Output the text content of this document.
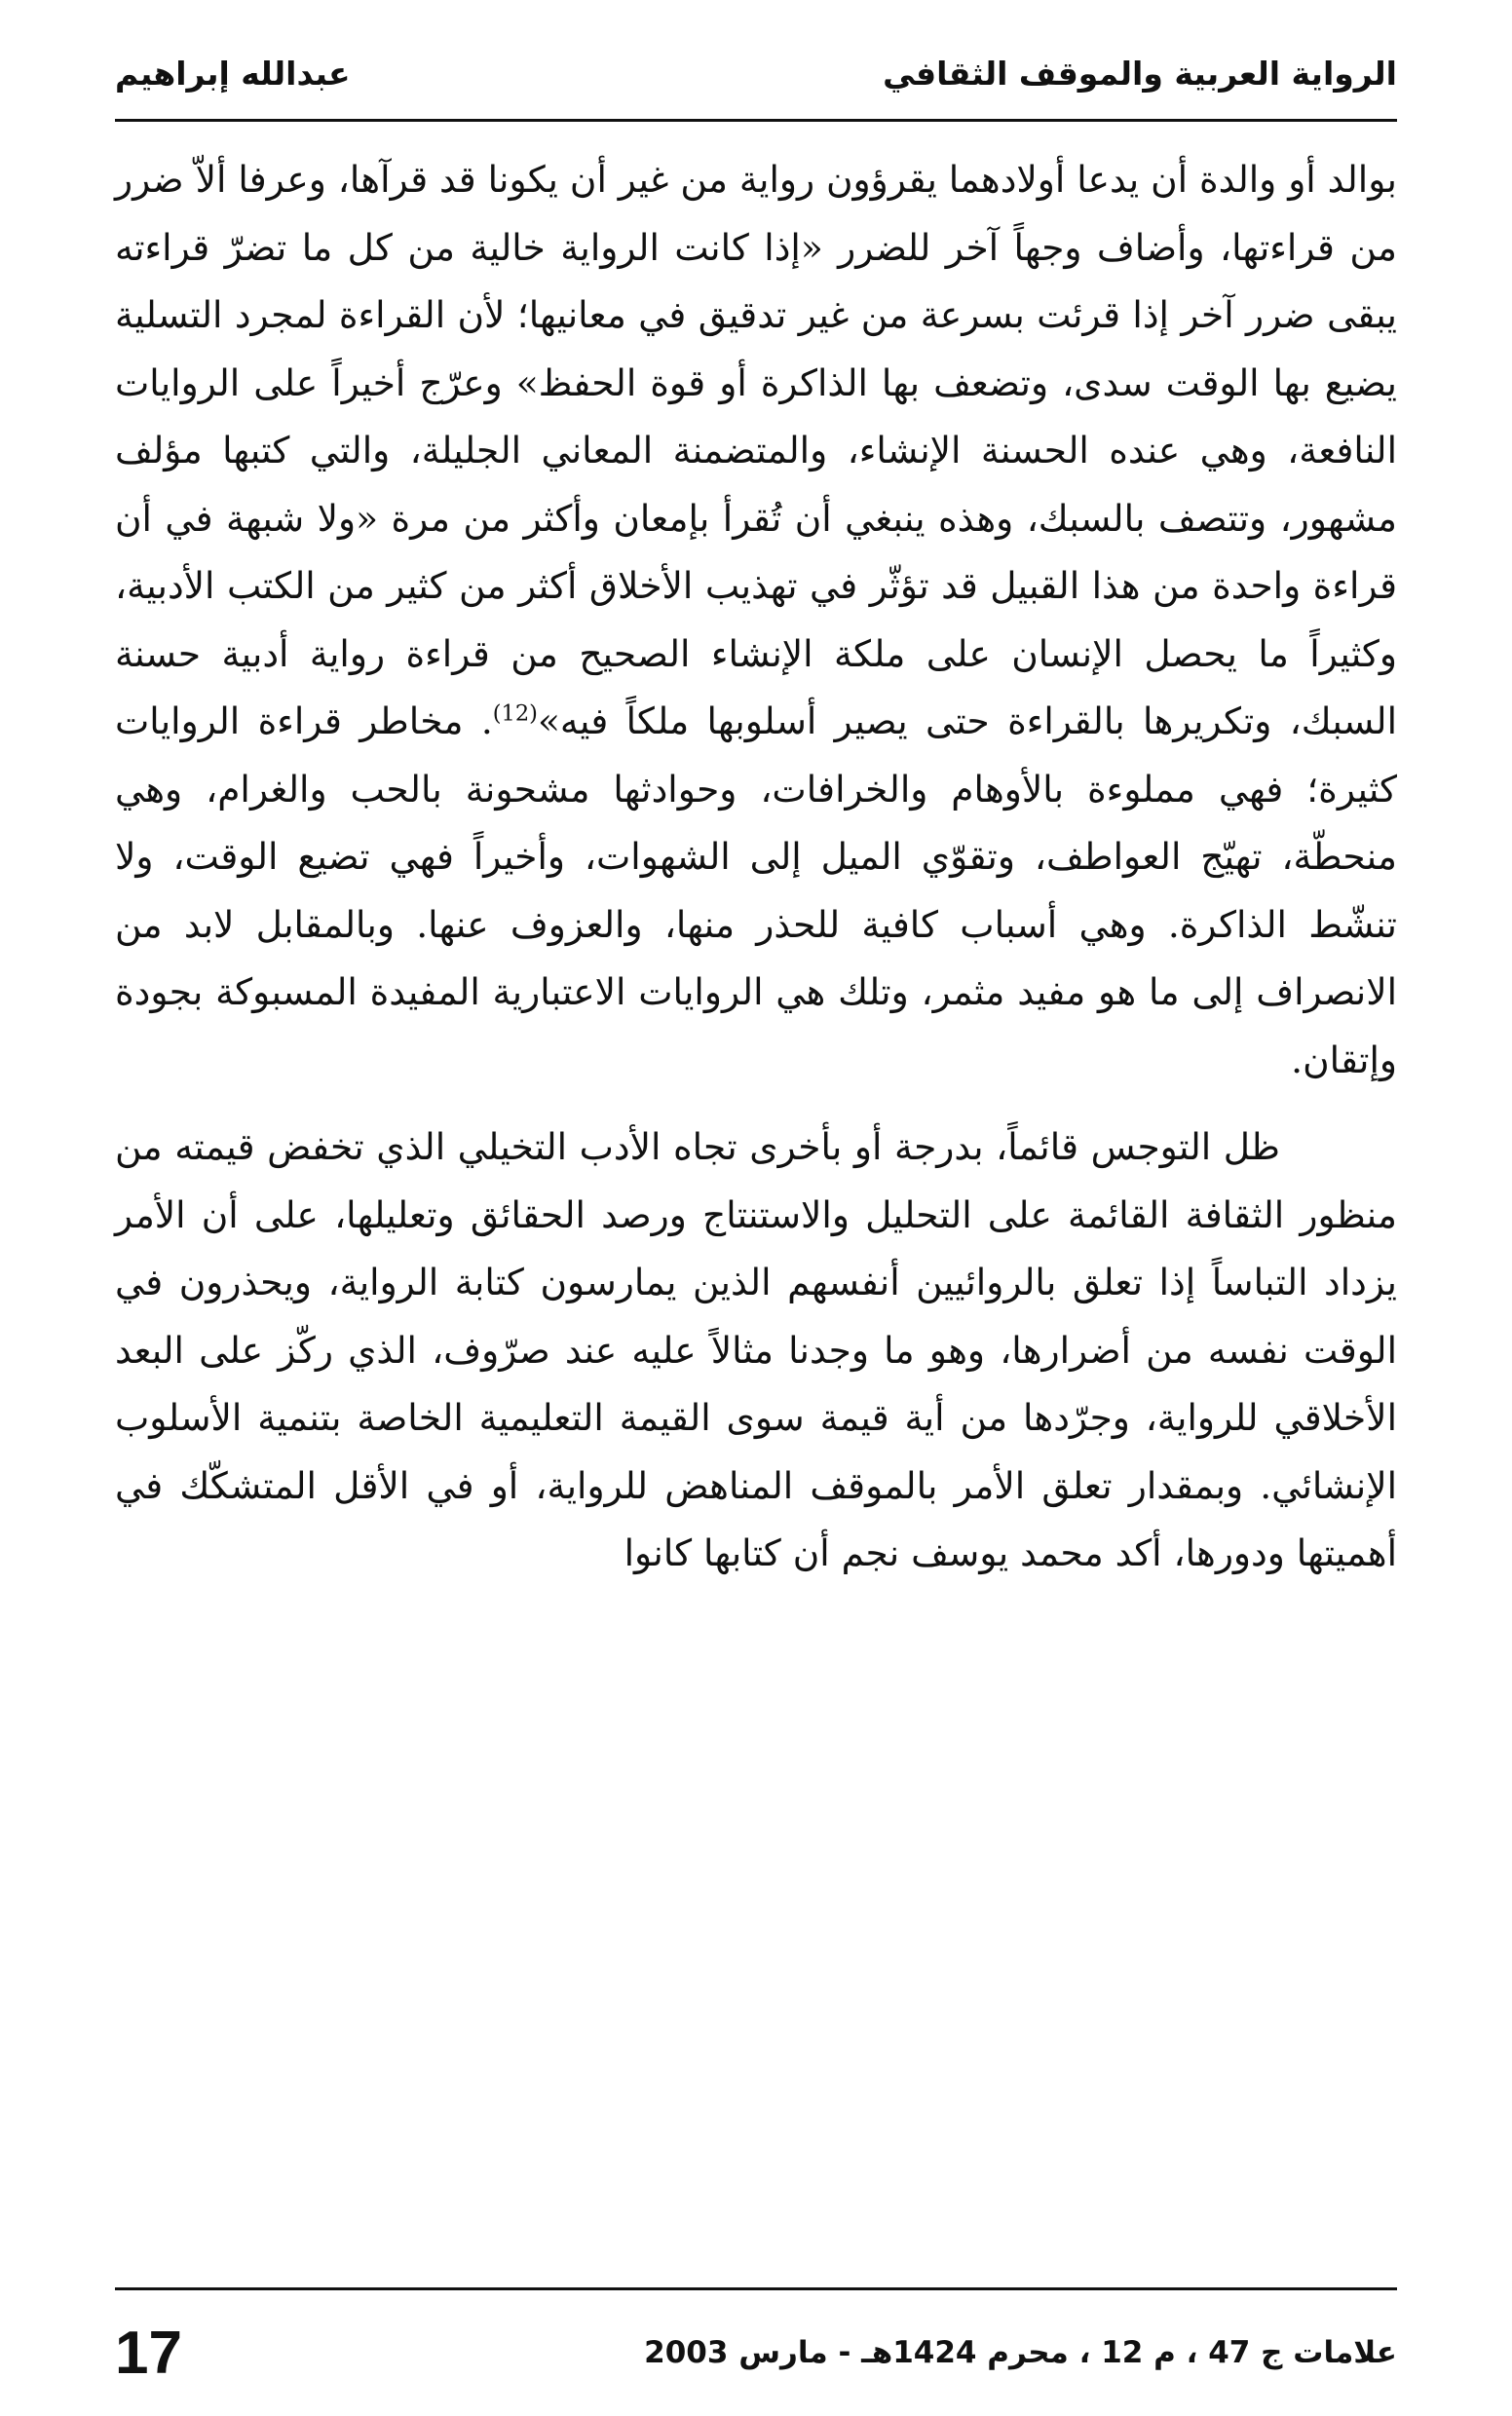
الرواية العربية والموقف الثقافي
عبدالله إبراهيم

بوالد أو والدة أن يدعا أولادهما يقرؤون رواية من غير أن يكونا قد قرآها، وعرفا ألاّ ضرر من قراءتها، وأضاف وجهاً آخر للضرر «إذا كانت الرواية خالية من كل ما تضرّ قراءته يبقى ضرر آخر إذا قرئت بسرعة من غير تدقيق في معانيها؛ لأن القراءة لمجرد التسلية يضيع بها الوقت سدى، وتضعف بها الذاكرة أو قوة الحفظ» وعرّج أخيراً على الروايات النافعة، وهي عنده الحسنة الإنشاء، والمتضمنة المعاني الجليلة، والتي كتبها مؤلف مشهور، وتتصف بالسبك، وهذه ينبغي أن تُقرأ بإمعان وأكثر من مرة «ولا شبهة في أن قراءة واحدة من هذا القبيل قد تؤثّر في تهذيب الأخلاق أكثر من كثير من الكتب الأدبية، وكثيراً ما يحصل الإنسان على ملكة الإنشاء الصحيح من قراءة رواية أدبية حسنة السبك، وتكريرها بالقراءة حتى يصير أسلوبها ملكاً فيه»$^{(12)}$. مخاطر قراءة الروايات كثيرة؛ فهي مملوءة بالأوهام والخرافات، وحوادثها مشحونة بالحب والغرام، وهي منحطّة، تهيّج العواطف، وتقوّي الميل إلى الشهوات، وأخيراً فهي تضيع الوقت، ولا تنشّط الذاكرة. وهي أسباب كافية للحذر منها، والعزوف عنها. وبالمقابل لابد من الانصراف إلى ما هو مفيد مثمر، وتلك هي الروايات الاعتبارية المفيدة المسبوكة بجودة وإتقان.

ظل التوجس قائماً، بدرجة أو بأخرى تجاه الأدب التخيلي الذي تخفض قيمته من منظور الثقافة القائمة على التحليل والاستنتاج ورصد الحقائق وتعليلها، على أن الأمر يزداد التباساً إذا تعلق بالروائيين أنفسهم الذين يمارسون كتابة الرواية، ويحذرون في الوقت نفسه من أضرارها، وهو ما وجدنا مثالاً عليه عند صرّوف، الذي ركّز على البعد الأخلاقي للرواية، وجرّدها من أية قيمة سوى القيمة التعليمية الخاصة بتنمية الأسلوب الإنشائي. وبمقدار تعلق الأمر بالموقف المناهض للرواية، أو في الأقل المتشكّك في أهميتها ودورها، أكد محمد يوسف نجم أن كتابها كانوا

علامات ج 47 ، م 12 ، محرم 1424هـ - مارس 2003
17
